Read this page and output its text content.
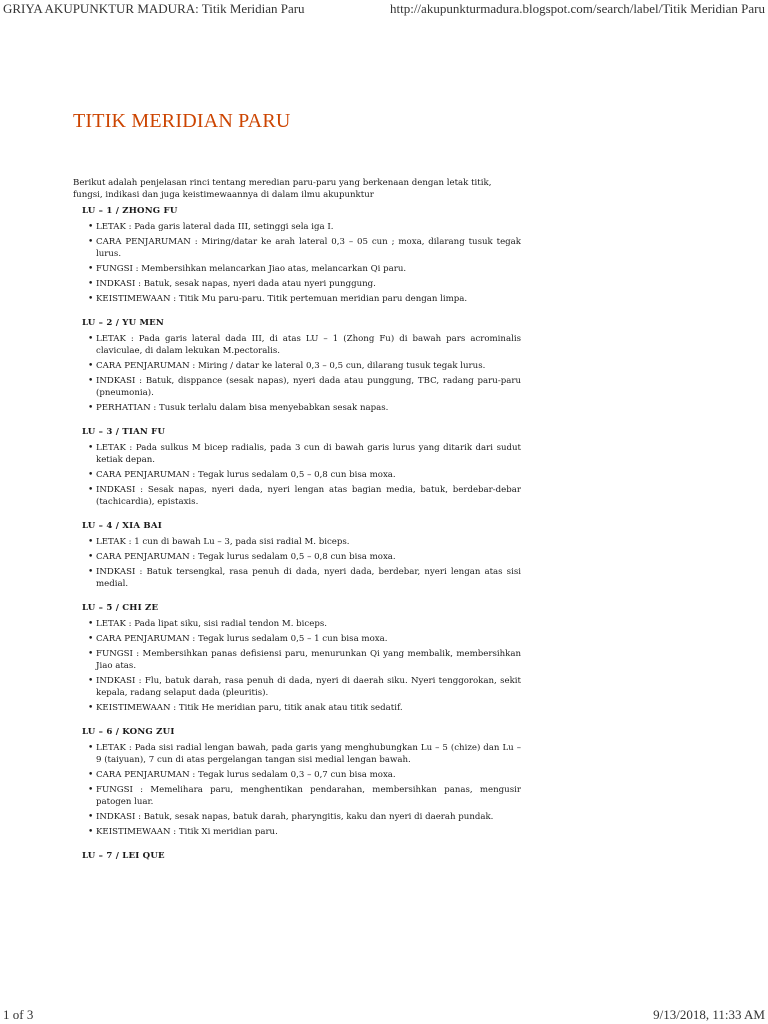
GRIYA AKUPUNKTUR MADURA: Titik Meridian Paru	http://akupunkturmadura.blogspot.com/search/label/Titik Meridian Paru
TITIK MERIDIAN PARU

Berikut adalah penjelasan rinci tentang meredian paru-paru yang berkenaan dengan letak titik, fungsi, indikasi dan juga keistimewaannya di dalam ilmu akupunktur

LU – 1 / ZHONG FU
• LETAK : Pada garis lateral dada III, setinggi sela iga I.
• CARA PENJARUMAN : Miring/datar ke arah lateral 0,3 – 05 cun ; moxa, dilarang tusuk tegak lurus.
• FUNGSI : Membersihkan melancarkan Jiao atas, melancarkan Qi paru.
• INDKASI : Batuk, sesak napas, nyeri dada atau nyeri punggung.
• KEISTIMEWAAN : Titik Mu paru-paru. Titik pertemuan meridian paru dengan limpa.
LU – 2 / YU MEN
• LETAK : Pada garis lateral dada III, di atas LU – 1 (Zhong Fu) di bawah pars acrominalis claviculae, di dalam lekukan M.pectoralis.
• CARA PENJARUMAN : Miring / datar ke lateral 0,3 – 0,5 cun, dilarang tusuk tegak lurus.
• INDKASI : Batuk, disppance (sesak napas), nyeri dada atau punggung, TBC, radang paru-paru (pneumonia).
• PERHATIAN : Tusuk terlalu dalam bisa menyebabkan sesak napas.
LU – 3 / TIAN FU
• LETAK : Pada sulkus M bicep radialis, pada 3 cun di bawah garis lurus yang ditarik dari sudut ketiak depan.
• CARA PENJARUMAN : Tegak lurus sedalam 0,5 – 0,8 cun bisa moxa.
• INDKASI : Sesak napas, nyeri dada, nyeri lengan atas bagian media, batuk, berdebar-debar (tachicardia), epistaxis.
LU – 4 / XIA BAI
• LETAK : 1 cun di bawah Lu – 3, pada sisi radial M. biceps.
• CARA PENJARUMAN : Tegak lurus sedalam 0,5 – 0,8 cun bisa moxa.
• INDKASI : Batuk tersengkal, rasa penuh di dada, nyeri dada, berdebar, nyeri lengan atas sisi medial.
LU – 5 / CHI ZE
• LETAK : Pada lipat siku, sisi radial tendon M. biceps.
• CARA PENJARUMAN : Tegak lurus sedalam 0,5 – 1 cun bisa moxa.
• FUNGSI : Membersihkan panas defisiensi paru, menurunkan Qi yang membalik, membersihkan Jiao atas.
• INDKASI : Flu, batuk darah, rasa penuh di dada, nyeri di daerah siku. Nyeri tenggorokan, sekit kepala, radang selaput dada (pleuritis).
• KEISTIMEWAAN : Titik He meridian paru, titik anak atau titik sedatif.
LU – 6 / KONG ZUI
• LETAK : Pada sisi radial lengan bawah, pada garis yang menghubungkan Lu – 5 (chize) dan Lu – 9 (taiyuan), 7 cun di atas pergelangan tangan sisi medial lengan bawah.
• CARA PENJARUMAN : Tegak lurus sedalam 0,3 – 0,7 cun bisa moxa.
• FUNGSI : Memelihara paru, menghentikan pendarahan, membersihkan panas, mengusir patogen luar.
• INDKASI : Batuk, sesak napas, batuk darah, pharyngitis, kaku dan nyeri di daerah pundak.
• KEISTIMEWAAN : Titik Xi meridian paru.
LU – 7 / LEI QUE
1 of 3	9/13/2018, 11:33 AM
